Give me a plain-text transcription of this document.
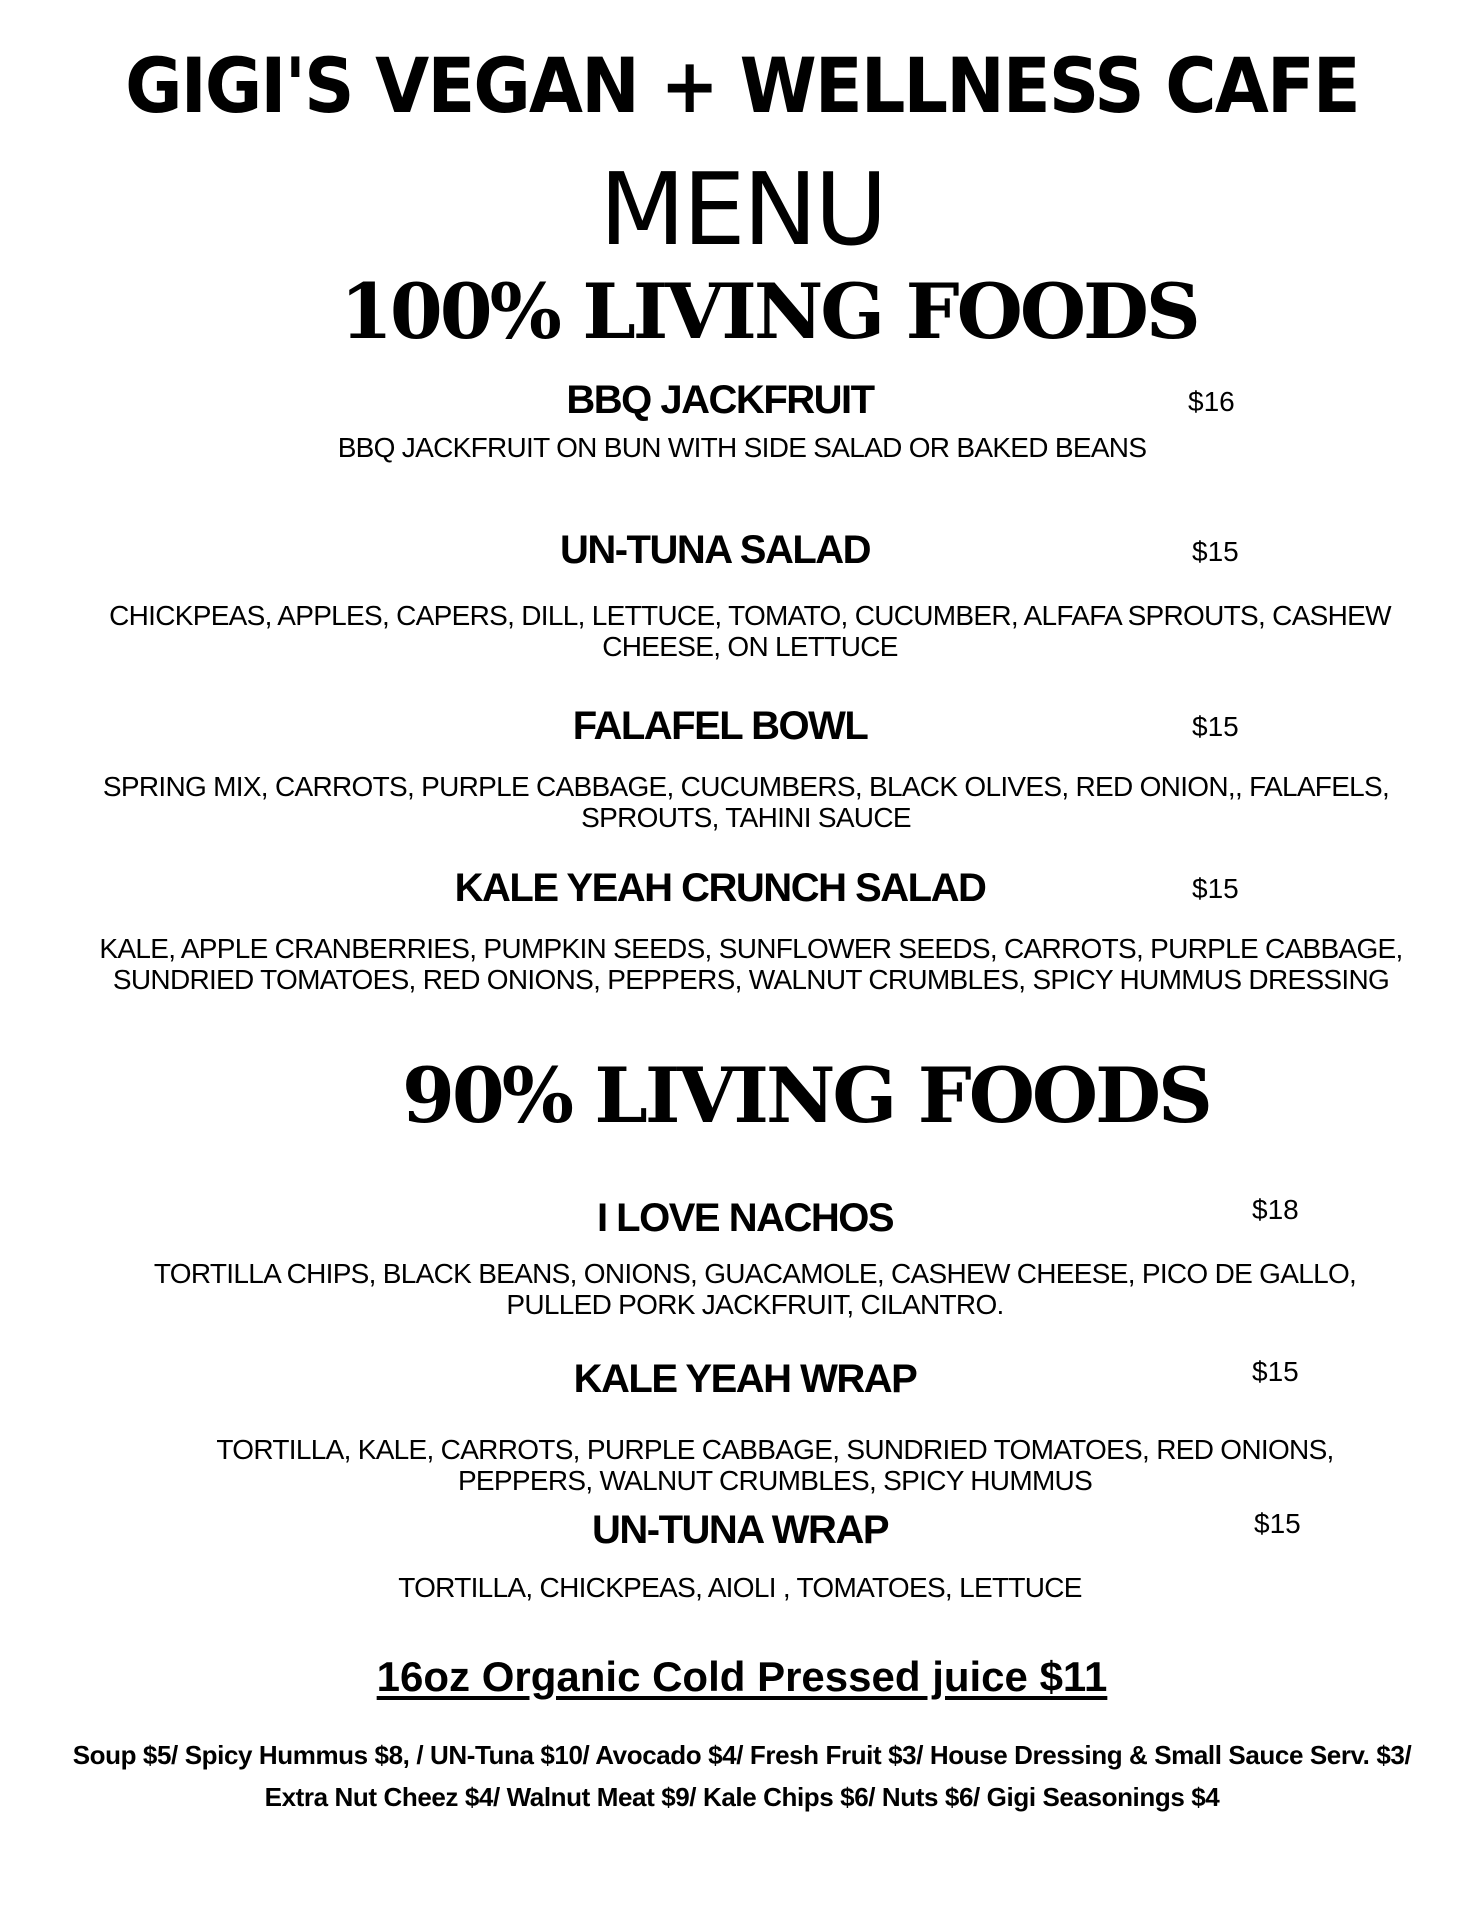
GIGI'S VEGAN + WELLNESS CAFE
MENU
100% LIVING FOODS
BBQ JACKFRUIT	$16
BBQ JACKFRUIT ON BUN WITH SIDE SALAD OR BAKED BEANS
UN-TUNA SALAD	$15
CHICKPEAS, APPLES, CAPERS, DILL, LETTUCE, TOMATO, CUCUMBER, ALFAFA SPROUTS, CASHEW CHEESE, ON LETTUCE
FALAFEL BOWL	$15
SPRING MIX, CARROTS, PURPLE CABBAGE, CUCUMBERS, BLACK OLIVES, RED ONION,, FALAFELS, SPROUTS, TAHINI SAUCE
KALE YEAH CRUNCH SALAD	$15
KALE, APPLE CRANBERRIES, PUMPKIN SEEDS, SUNFLOWER SEEDS, CARROTS, PURPLE CABBAGE, SUNDRIED TOMATOES, RED ONIONS, PEPPERS, WALNUT CRUMBLES, SPICY HUMMUS DRESSING
90% LIVING FOODS
I LOVE NACHOS	$18
TORTILLA CHIPS, BLACK BEANS, ONIONS, GUACAMOLE, CASHEW CHEESE, PICO DE GALLO, PULLED PORK JACKFRUIT, CILANTRO.
KALE YEAH WRAP	$15
TORTILLA, KALE, CARROTS, PURPLE CABBAGE, SUNDRIED TOMATOES, RED ONIONS, PEPPERS, WALNUT CRUMBLES, SPICY HUMMUS
UN-TUNA WRAP	$15
TORTILLA, CHICKPEAS, AIOLI , TOMATOES, LETTUCE
16oz Organic Cold Pressed juice $11
Soup $5/ Spicy Hummus $8, / UN-Tuna $10/ Avocado $4/ Fresh Fruit $3/ House Dressing & Small Sauce Serv. $3/ Extra Nut Cheez $4/ Walnut Meat $9/ Kale Chips $6/ Nuts $6/ Gigi Seasonings $4
